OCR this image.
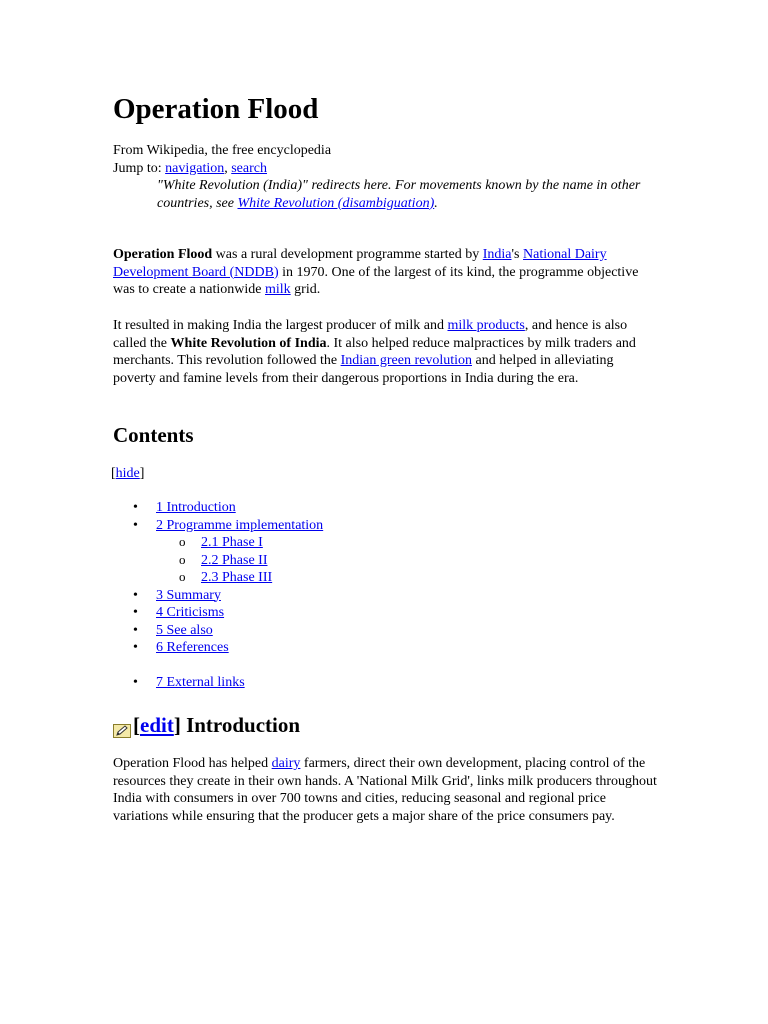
Operation Flood
From Wikipedia, the free encyclopedia
Jump to: navigation, search
"White Revolution (India)" redirects here. For movements known by the name in other countries, see White Revolution (disambiguation).

Operation Flood was a rural development programme started by India's National Dairy Development Board (NDDB) in 1970. One of the largest of its kind, the programme objective was to create a nationwide milk grid.

It resulted in making India the largest producer of milk and milk products, and hence is also called the White Revolution of India. It also helped reduce malpractices by milk traders and merchants. This revolution followed the Indian green revolution and helped in alleviating poverty and famine levels from their dangerous proportions in India during the era.

Contents
[hide]
• 1 Introduction
• 2 Programme implementation
o 2.1 Phase I
o 2.2 Phase II
o 2.3 Phase III
• 3 Summary
• 4 Criticisms
• 5 See also
• 6 References
• 7 External links
[ edit ] Introduction

Operation Flood has helped dairy farmers, direct their own development, placing control of the resources they create in their own hands. A 'National Milk Grid', links milk producers throughout India with consumers in over 700 towns and cities, reducing seasonal and regional price variations while ensuring that the producer gets a major share of the price consumers pay.
